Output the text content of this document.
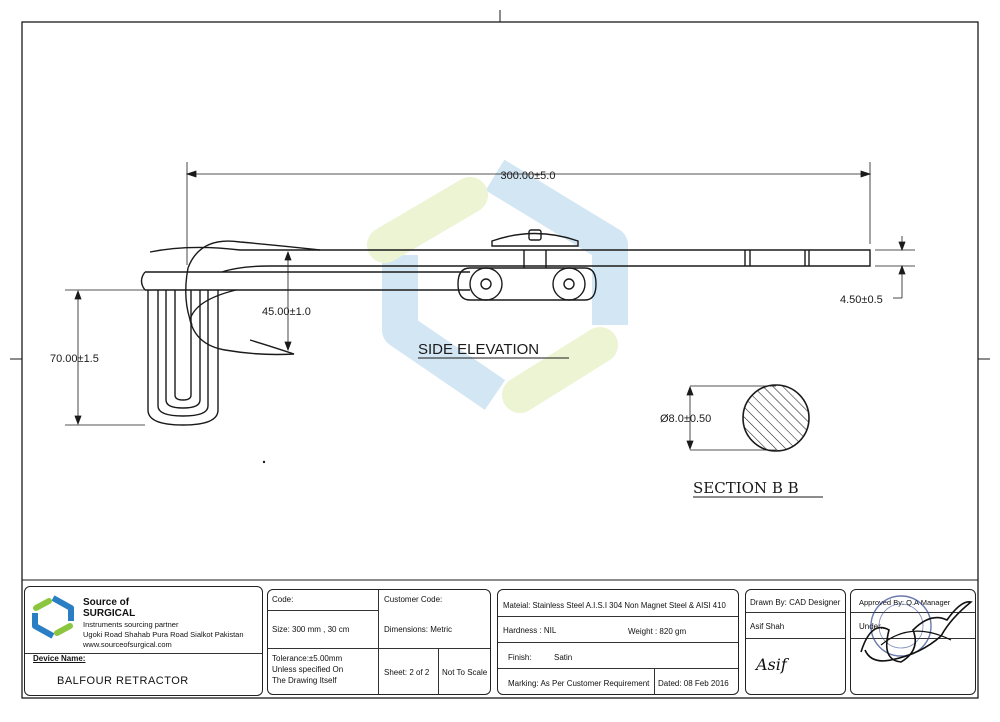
300.00±5.0
4.50±0.5
45.00±1.0
70.00±1.5
Ø8.0±0.50
SIDE ELEVATION
SECTION B B
Source of
SURGICAL
Instruments sourcing partner
Ugoki Road Shahab Pura Road Sialkot Pakistan
www.sourceofsurgical.com
Device Name:
BALFOUR RETRACTOR
Code:
Size: 300 mm , 30 cm
Tolerance:±5.00mm
Unless specified On
The Drawing Itself
Customer Code:
Dimensions: Metric
Sheet: 2 of 2 Not To Scale
Mateial: Stainless Steel A.I.S.I 304 Non Magnet Steel & AISI 410
Hardness : NIL	Weight : 820 gm
Finish:	Satin
Marking: As Per Customer Requirement Dated: 08 Feb 2016
Drawn By: CAD Designer
Asif Shah
Asif
Approved By: Q.A Manager
Under...
